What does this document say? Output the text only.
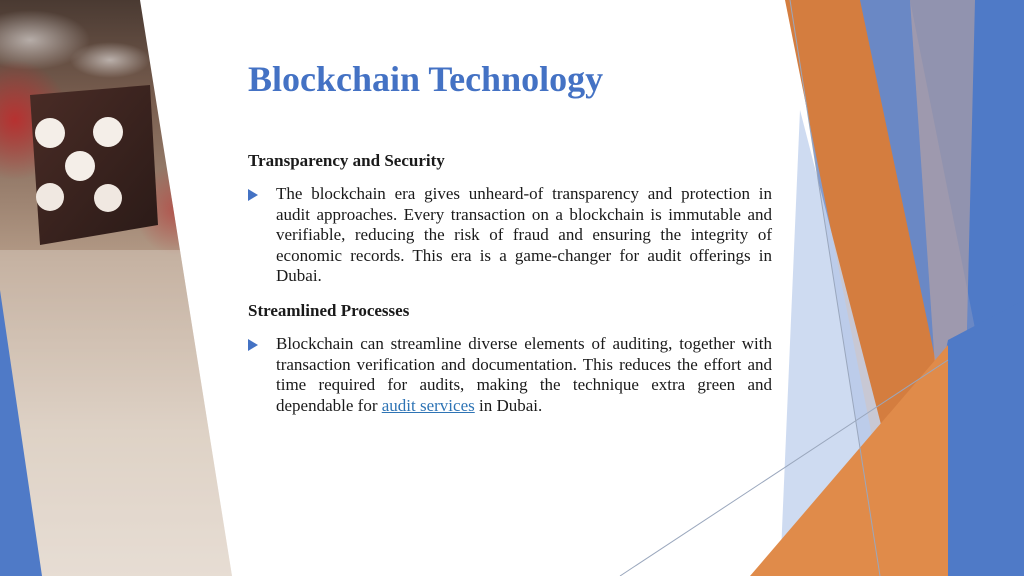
Blockchain Technology
Transparency and Security
The blockchain era gives unheard-of transparency and protection in audit approaches. Every transaction on a blockchain is immutable and verifiable, reducing the risk of fraud and ensuring the integrity of economic records. This era is a game-changer for audit offerings in Dubai.
Streamlined Processes
Blockchain can streamline diverse elements of auditing, together with transaction verification and documentation. This reduces the effort and time required for audits, making the technique extra green and dependable for audit services in Dubai.
